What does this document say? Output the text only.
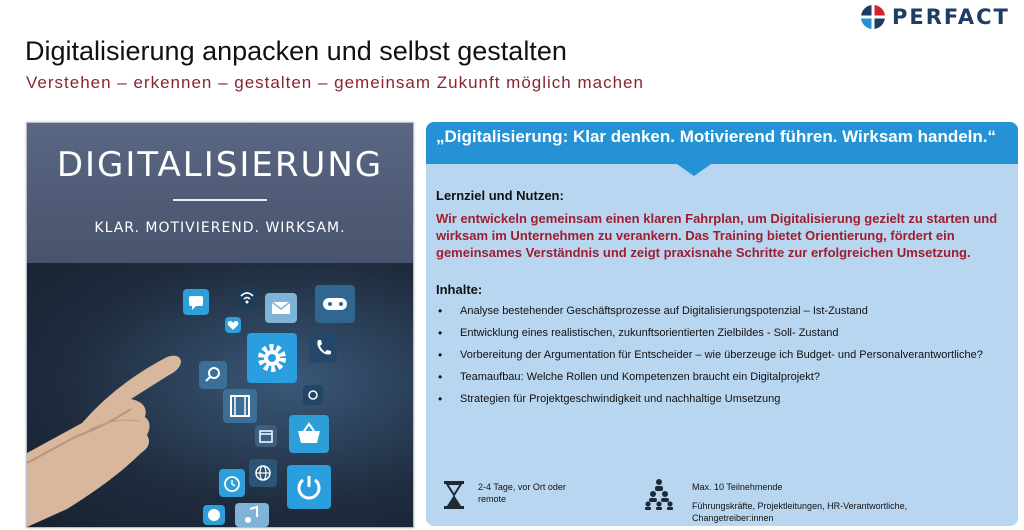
PERFACT
Digitalisierung anpacken und selbst gestalten

Verstehen – erkennen – gestalten – gemeinsam Zukunft möglich machen

DIGITALISIERUNG
KLAR. MOTIVIEREND. WIRKSAM.
„Digitalisierung: Klar denken. Motivierend führen. Wirksam handeln.“
Lernziel und Nutzen:
Wir entwickeln gemeinsam einen klaren Fahrplan, um Digitalisierung gezielt zu starten und wirksam im Unternehmen zu verankern. Das Training bietet Orientierung, fördert ein gemeinsames Verständnis und zeigt praxisnahe Schritte zur erfolgreichen Umsetzung.
Inhalte:
• Analyse bestehender Geschäftsprozesse auf Digitalisierungspotenzial – Ist-Zustand
• Entwicklung eines realistischen, zukunftsorientierten Zielbildes - Soll- Zustand
• Vorbereitung der Argumentation für Entscheider – wie überzeuge ich Budget- und Personalverantwortliche?
• Teamaufbau: Welche Rollen und Kompetenzen braucht ein Digitalprojekt?
• Strategien für Projektgeschwindigkeit und nachhaltige Umsetzung
2-4 Tage, vor Ort oder remote
Max. 10 Teilnehmende
Führungskräfte, Projektleitungen, HR-Verantwortliche, Changetreiber:innen
